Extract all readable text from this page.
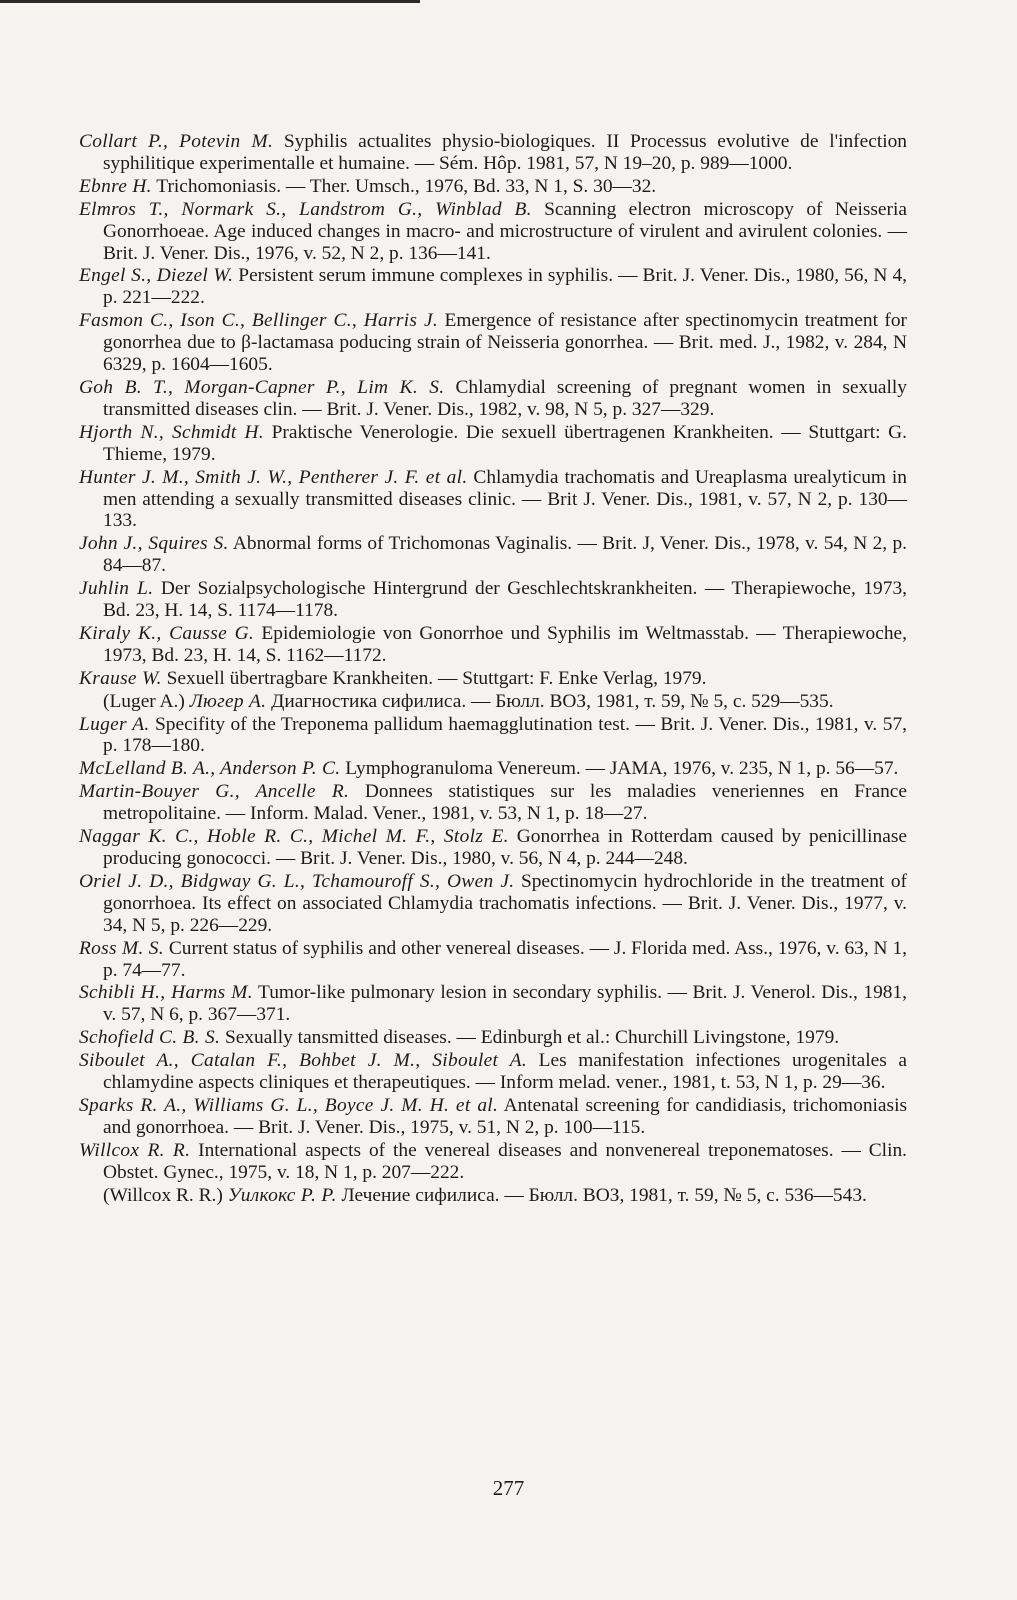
Collart P., Potevin M. Syphilis actualites physio-biologiques. II Processus evolutive de l'infection syphilitique experimentalle et humaine. — Sém. Hôp. 1981, 57, N 19–20, p. 989—1000.
Ebnre H. Trichomoniasis. — Ther. Umsch., 1976, Bd. 33, N 1, S. 30—32.
Elmros T., Normark S., Landstrom G., Winblad B. Scanning electron microscopy of Neisseria Gonorrhoeae. Age induced changes in macro- and microstructure of virulent and avirulent colonies. — Brit. J. Vener. Dis., 1976, v. 52, N 2, p. 136—141.
Engel S., Diezel W. Persistent serum immune complexes in syphilis. — Brit. J. Vener. Dis., 1980, 56, N 4, p. 221—222.
Fasmon C., Ison C., Bellinger C., Harris J. Emergence of resistance after spectinomycin treatment for gonorrhea due to β-lactamasa poducing strain of Neisseria gonorrhea. — Brit. med. J., 1982, v. 284, N 6329, p. 1604—1605.
Goh B. T., Morgan-Capner P., Lim K. S. Chlamydial screening of pregnant women in sexually transmitted diseases clin. — Brit. J. Vener. Dis., 1982, v. 98, N 5, p. 327—329.
Hjorth N., Schmidt H. Praktische Venerologie. Die sexuell übertragenen Krankheiten. — Stuttgart: G. Thieme, 1979.
Hunter J. M., Smith J. W., Pentherer J. F. et al. Chlamydia trachomatis and Ureaplasma urealyticum in men attending a sexually transmitted diseases clinic. — Brit J. Vener. Dis., 1981, v. 57, N 2, p. 130—133.
John J., Squires S. Abnormal forms of Trichomonas Vaginalis. — Brit. J, Vener. Dis., 1978, v. 54, N 2, p. 84—87.
Juhlin L. Der Sozialpsychologische Hintergrund der Geschlechtskrankheiten. — Therapiewoche, 1973, Bd. 23, H. 14, S. 1174—1178.
Kiraly K., Causse G. Epidemiologie von Gonorrhoe und Syphilis im Weltmasstab. — Therapiewoche, 1973, Bd. 23, H. 14, S. 1162—1172.
Krause W. Sexuell übertragbare Krankheiten. — Stuttgart: F. Enke Verlag, 1979.
(Luger A.) Люгер А. Диагностика сифилиса. — Бюлл. ВОЗ, 1981, т. 59, № 5, с. 529—535.
Luger A. Specifity of the Treponema pallidum haemagglutination test. — Brit. J. Vener. Dis., 1981, v. 57, p. 178—180.
McLelland B. A., Anderson P. C. Lymphogranuloma Venereum. — JAMA, 1976, v. 235, N 1, p. 56—57.
Martin-Bouyer G., Ancelle R. Donnees statistiques sur les maladies veneriennes en France metropolitaine. — Inform. Malad. Vener., 1981, v. 53, N 1, p. 18—27.
Naggar K. C., Hoble R. C., Michel M. F., Stolz E. Gonorrhea in Rotterdam caused by penicillinase producing gonococci. — Brit. J. Vener. Dis., 1980, v. 56, N 4, p. 244—248.
Oriel J. D., Bidgway G. L., Tchamouroff S., Owen J. Spectinomycin hydrochloride in the treatment of gonorrhoea. Its effect on associated Chlamydia trachomatis infections. — Brit. J. Vener. Dis., 1977, v. 34, N 5, p. 226—229.
Ross M. S. Current status of syphilis and other venereal diseases. — J. Florida med. Ass., 1976, v. 63, N 1, p. 74—77.
Schibli H., Harms M. Tumor-like pulmonary lesion in secondary syphilis. — Brit. J. Venerol. Dis., 1981, v. 57, N 6, p. 367—371.
Schofield C. B. S. Sexually tansmitted diseases. — Edinburgh et al.: Churchill Livingstone, 1979.
Siboulet A., Catalan F., Bohbet J. M., Siboulet A. Les manifestation infectiones urogenitales a chlamydine aspects cliniques et therapeutiques. — Inform melad. vener., 1981, t. 53, N 1, p. 29—36.
Sparks R. A., Williams G. L., Boyce J. M. H. et al. Antenatal screening for candidiasis, trichomoniasis and gonorrhoea. — Brit. J. Vener. Dis., 1975, v. 51, N 2, p. 100—115.
Willcox R. R. International aspects of the venereal diseases and nonvenereal treponematoses. — Clin. Obstet. Gynec., 1975, v. 18, N 1, p. 207—222.
(Willcox R. R.) Уилкокс Р. Р. Лечение сифилиса. — Бюлл. ВОЗ, 1981, т. 59, № 5, с. 536—543.
277
